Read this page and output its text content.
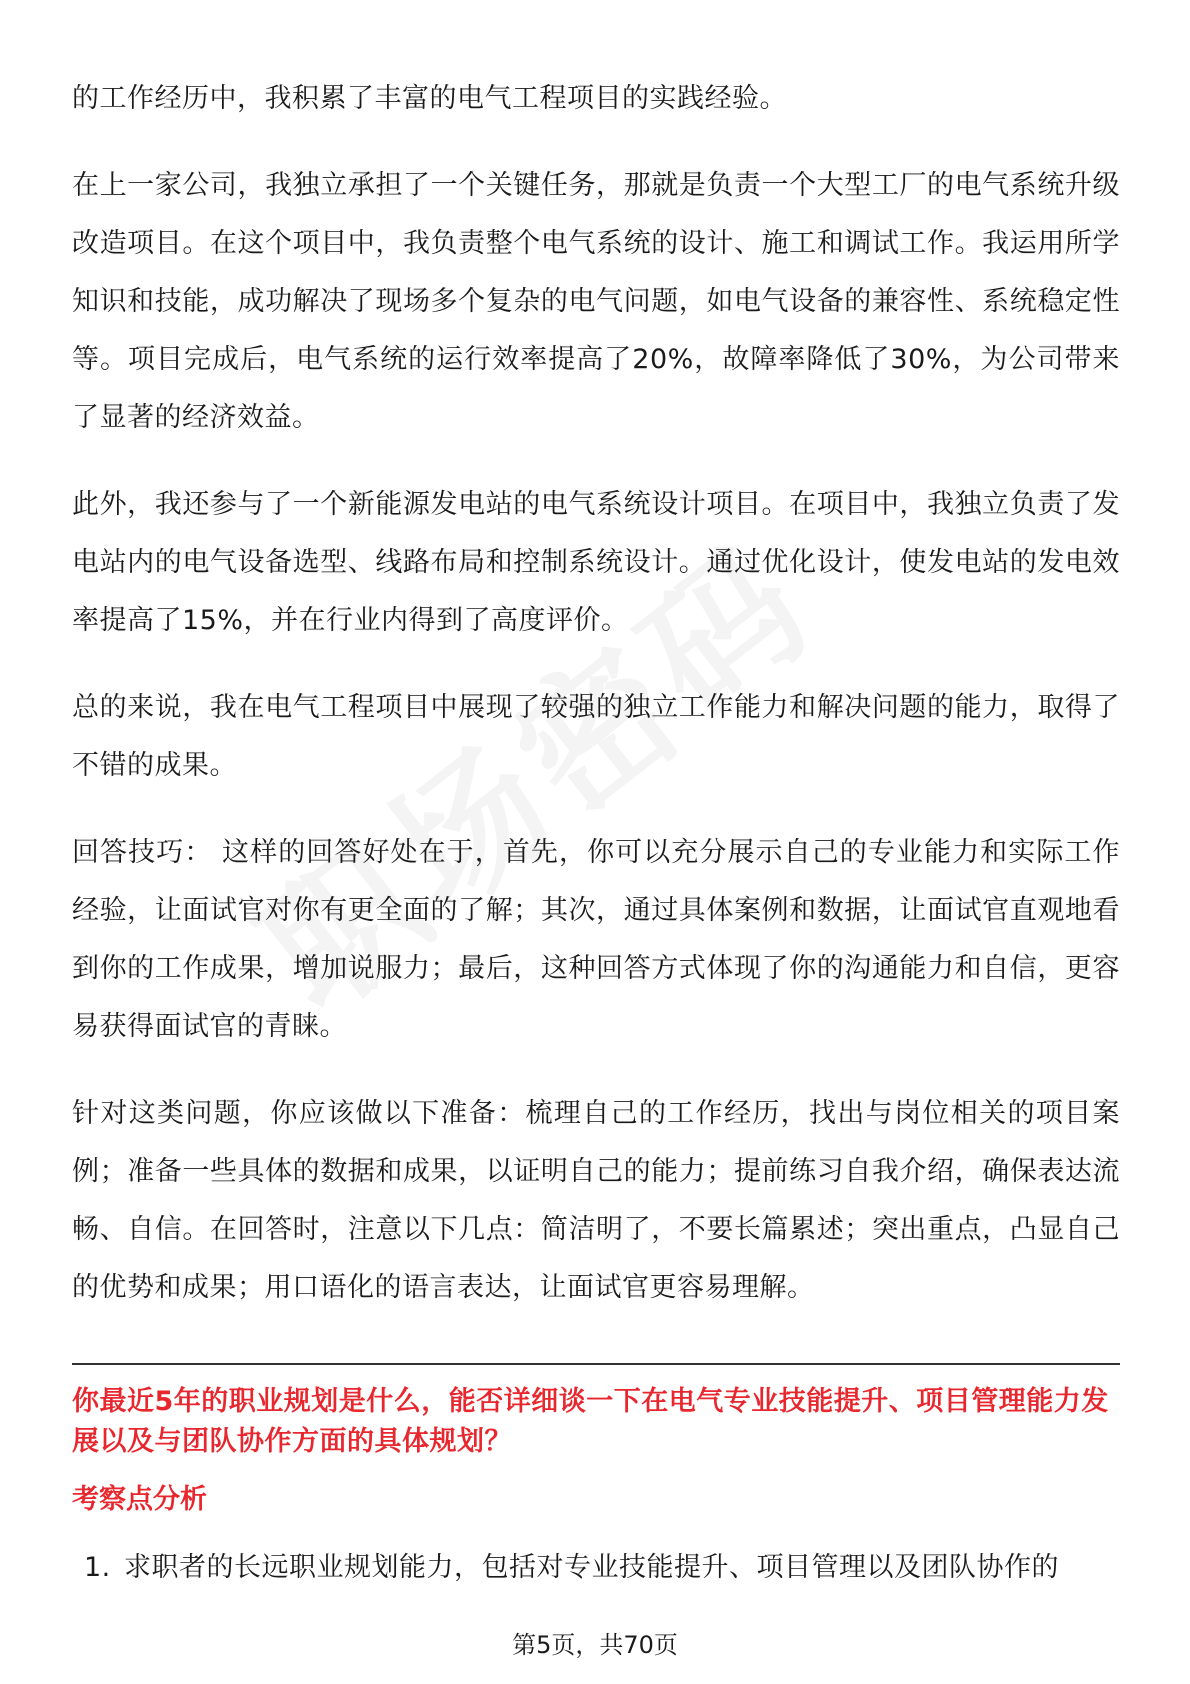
的工作经历中，我积累了丰富的电气工程项目的实践经验。

在上一家公司，我独立承担了一个关键任务，那就是负责一个大型工厂的电气系统升级改造项目。在这个项目中，我负责整个电气系统的设计、施工和调试工作。我运用所学知识和技能，成功解决了现场多个复杂的电气问题，如电气设备的兼容性、系统稳定性等。项目完成后，电气系统的运行效率提高了20%，故障率降低了30%，为公司带来了显著的经济效益。

此外，我还参与了一个新能源发电站的电气系统设计项目。在项目中，我独立负责了发电站内的电气设备选型、线路布局和控制系统设计。通过优化设计，使发电站的发电效率提高了15%，并在行业内得到了高度评价。

总的来说，我在电气工程项目中展现了较强的独立工作能力和解决问题的能力，取得了不错的成果。

回答技巧： 这样的回答好处在于，首先，你可以充分展示自己的专业能力和实际工作经验，让面试官对你有更全面的了解；其次，通过具体案例和数据，让面试官直观地看到你的工作成果，增加说服力；最后，这种回答方式体现了你的沟通能力和自信，更容易获得面试官的青睐。

针对这类问题，你应该做以下准备：梳理自己的工作经历，找出与岗位相关的项目案例；准备一些具体的数据和成果，以证明自己的能力；提前练习自我介绍，确保表达流畅、自信。在回答时，注意以下几点：简洁明了，不要长篇累述；突出重点，凸显自己的优势和成果；用口语化的语言表达，让面试官更容易理解。

你最近5年的职业规划是什么，能否详细谈一下在电气专业技能提升、项目管理能力发展以及与团队协作方面的具体规划？
考察点分析
1. 求职者的长远职业规划能力，包括对专业技能提升、项目管理以及团队协作的
第5页，共70页
